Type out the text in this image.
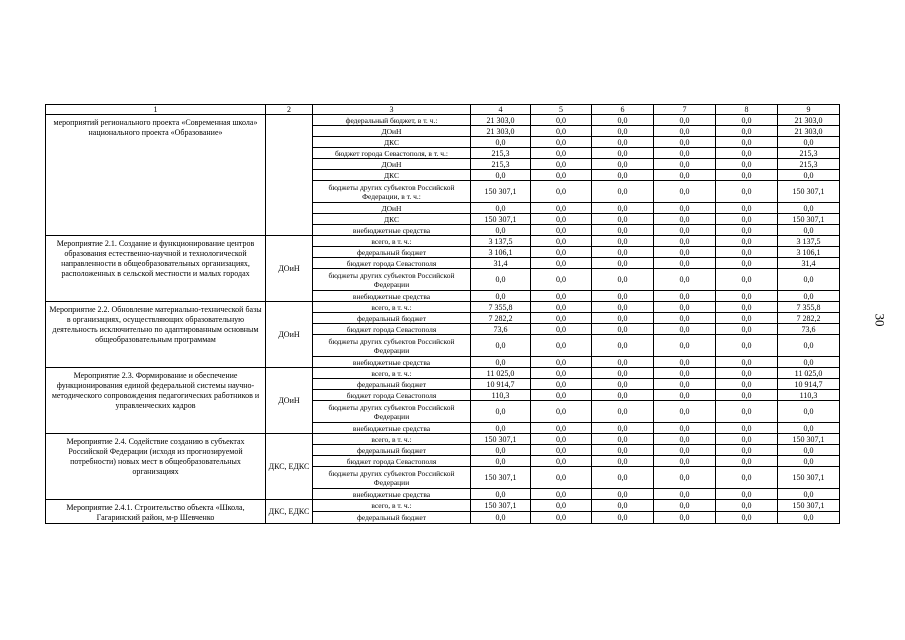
1	2	3	4	5	6	7	8	9
мероприятий регионального проекта «Современная школа» национального проекта «Образование»		федеральный бюджет, в т. ч.:	21 303,0	0,0	0,0	0,0	0,0	21 303,0
		ДОиН	21 303,0	0,0	0,0	0,0	0,0	21 303,0
		ДКС	0,0	0,0	0,0	0,0	0,0	0,0
		бюджет города Севастополя, в т. ч.:	215,3	0,0	0,0	0,0	0,0	215,3
		ДОиН	215,3	0,0	0,0	0,0	0,0	215,3
		ДКС	0,0	0,0	0,0	0,0	0,0	0,0
		бюджеты других субъектов Российской Федерации, в т. ч.:	150 307,1	0,0	0,0	0,0	0,0	150 307,1
		ДОиН	0,0	0,0	0,0	0,0	0,0	0,0
		ДКС	150 307,1	0,0	0,0	0,0	0,0	150 307,1
		внебюджетные средства	0,0	0,0	0,0	0,0	0,0	0,0
Мероприятие 2.1. Создание и функционирование центров образования естественно-научной и технологической направленности в общеобразовательных организациях, расположенных в сельской местности и малых городах	ДОиН	всего, в т. ч.:	3 137,5	0,0	0,0	0,0	0,0	3 137,5
		федеральный бюджет	3 106,1	0,0	0,0	0,0	0,0	3 106,1
		бюджет города Севастополя	31,4	0,0	0,0	0,0	0,0	31,4
		бюджеты других субъектов Российской Федерации	0,0	0,0	0,0	0,0	0,0	0,0
		внебюджетные средства	0,0	0,0	0,0	0,0	0,0	0,0
Мероприятие 2.2. Обновление материально-технической базы в организациях, осуществляющих образовательную деятельность исключительно по адаптированным основным общеобразовательным программам	ДОиН	всего, в т. ч.:	7 355,8	0,0	0,0	0,0	0,0	7 355,8
		федеральный бюджет	7 282,2	0,0	0,0	0,0	0,0	7 282,2
		бюджет города Севастополя	73,6	0,0	0,0	0,0	0,0	73,6
		бюджеты других субъектов Российской Федерации	0,0	0,0	0,0	0,0	0,0	0,0
		внебюджетные средства	0,0	0,0	0,0	0,0	0,0	0,0
Мероприятие 2.3. Формирование и обеспечение функционирования единой федеральной системы научно-методического сопровождения педагогических работников и управленческих кадров	ДОиН	всего, в т. ч.:	11 025,0	0,0	0,0	0,0	0,0	11 025,0
		федеральный бюджет	10 914,7	0,0	0,0	0,0	0,0	10 914,7
		бюджет города Севастополя	110,3	0,0	0,0	0,0	0,0	110,3
		бюджеты других субъектов Российской Федерации	0,0	0,0	0,0	0,0	0,0	0,0
		внебюджетные средства	0,0	0,0	0,0	0,0	0,0	0,0
Мероприятие 2.4. Содействие созданию в субъектах Российской Федерации (исходя из прогнозируемой потребности) новых мест в общеобразовательных организациях	ДКС, ЕДКС	всего, в т. ч.:	150 307,1	0,0	0,0	0,0	0,0	150 307,1
		федеральный бюджет	0,0	0,0	0,0	0,0	0,0	0,0
		бюджет города Севастополя	0,0	0,0	0,0	0,0	0,0	0,0
		бюджеты других субъектов Российской Федерации	150 307,1	0,0	0,0	0,0	0,0	150 307,1
		внебюджетные средства	0,0	0,0	0,0	0,0	0,0	0,0
Мероприятие 2.4.1. Строительство объекта «Школа, Гагаринский район, м-р Шевченко	ДКС, ЕДКС	всего, в т. ч.:	150 307,1	0,0	0,0	0,0	0,0	150 307,1
		федеральный бюджет	0,0	0,0	0,0	0,0	0,0	0,0
30
